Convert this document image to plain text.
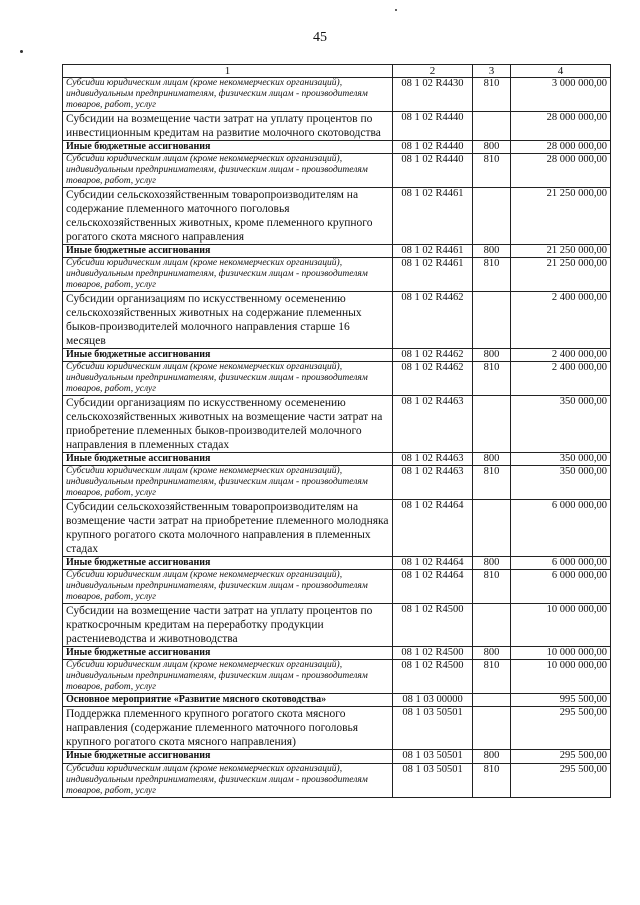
45
1	2	3	4
Субсидии юридическим лицам (кроме некоммерческих организаций), индивидуальным предпринимателям, физическим лицам - производителям товаров, работ, услуг	08 1 02 R4430	810	3 000 000,00
Субсидии на возмещение части затрат на уплату процентов по инвестиционным кредитам на развитие молочного скотоводства	08 1 02 R4440		28 000 000,00
Иные бюджетные ассигнования	08 1 02 R4440	800	28 000 000,00
Субсидии юридическим лицам (кроме некоммерческих организаций), индивидуальным предпринимателям, физическим лицам - производителям товаров, работ, услуг	08 1 02 R4440	810	28 000 000,00
Субсидии сельскохозяйственным товаропроизводителям на содержание племенного маточного поголовья сельскохозяйственных животных, кроме племенного крупного рогатого скота мясного направления	08 1 02 R4461		21 250 000,00
Иные бюджетные ассигнования	08 1 02 R4461	800	21 250 000,00
Субсидии юридическим лицам (кроме некоммерческих организаций), индивидуальным предпринимателям, физическим лицам - производителям товаров, работ, услуг	08 1 02 R4461	810	21 250 000,00
Субсидии организациям по искусственному осеменению сельскохозяйственных животных на содержание племенных быков-производителей молочного направления старше 16 месяцев	08 1 02 R4462		2 400 000,00
Иные бюджетные ассигнования	08 1 02 R4462	800	2 400 000,00
Субсидии юридическим лицам (кроме некоммерческих организаций), индивидуальным предпринимателям, физическим лицам - производителям товаров, работ, услуг	08 1 02 R4462	810	2 400 000,00
Субсидии организациям по искусственному осеменению сельскохозяйственных животных на возмещение части затрат на приобретение племенных быков-производителей молочного направления в племенных стадах	08 1 02 R4463		350 000,00
Иные бюджетные ассигнования	08 1 02 R4463	800	350 000,00
Субсидии юридическим лицам (кроме некоммерческих организаций), индивидуальным предпринимателям, физическим лицам - производителям товаров, работ, услуг	08 1 02 R4463	810	350 000,00
Субсидии сельскохозяйственным товаропроизводителям на возмещение части затрат на приобретение племенного молодняка крупного рогатого скота молочного направления в племенных стадах	08 1 02 R4464		6 000 000,00
Иные бюджетные ассигнования	08 1 02 R4464	800	6 000 000,00
Субсидии юридическим лицам (кроме некоммерческих организаций), индивидуальным предпринимателям, физическим лицам - производителям товаров, работ, услуг	08 1 02 R4464	810	6 000 000,00
Субсидии на возмещение части затрат на уплату процентов по краткосрочным кредитам на переработку продукции растениеводства и животноводства	08 1 02 R4500		10 000 000,00
Иные бюджетные ассигнования	08 1 02 R4500	800	10 000 000,00
Субсидии юридическим лицам (кроме некоммерческих организаций), индивидуальным предпринимателям, физическим лицам - производителям товаров, работ, услуг	08 1 02 R4500	810	10 000 000,00
Основное мероприятие «Развитие мясного скотоводства»	08 1 03 00000		995 500,00
Поддержка племенного крупного рогатого скота мясного направления (содержание племенного маточного поголовья крупного рогатого скота мясного направления)	08 1 03 50501		295 500,00
Иные бюджетные ассигнования	08 1 03 50501	800	295 500,00
Субсидии юридическим лицам (кроме некоммерческих организаций), индивидуальным предпринимателям, физическим лицам - производителям товаров, работ, услуг	08 1 03 50501	810	295 500,00
